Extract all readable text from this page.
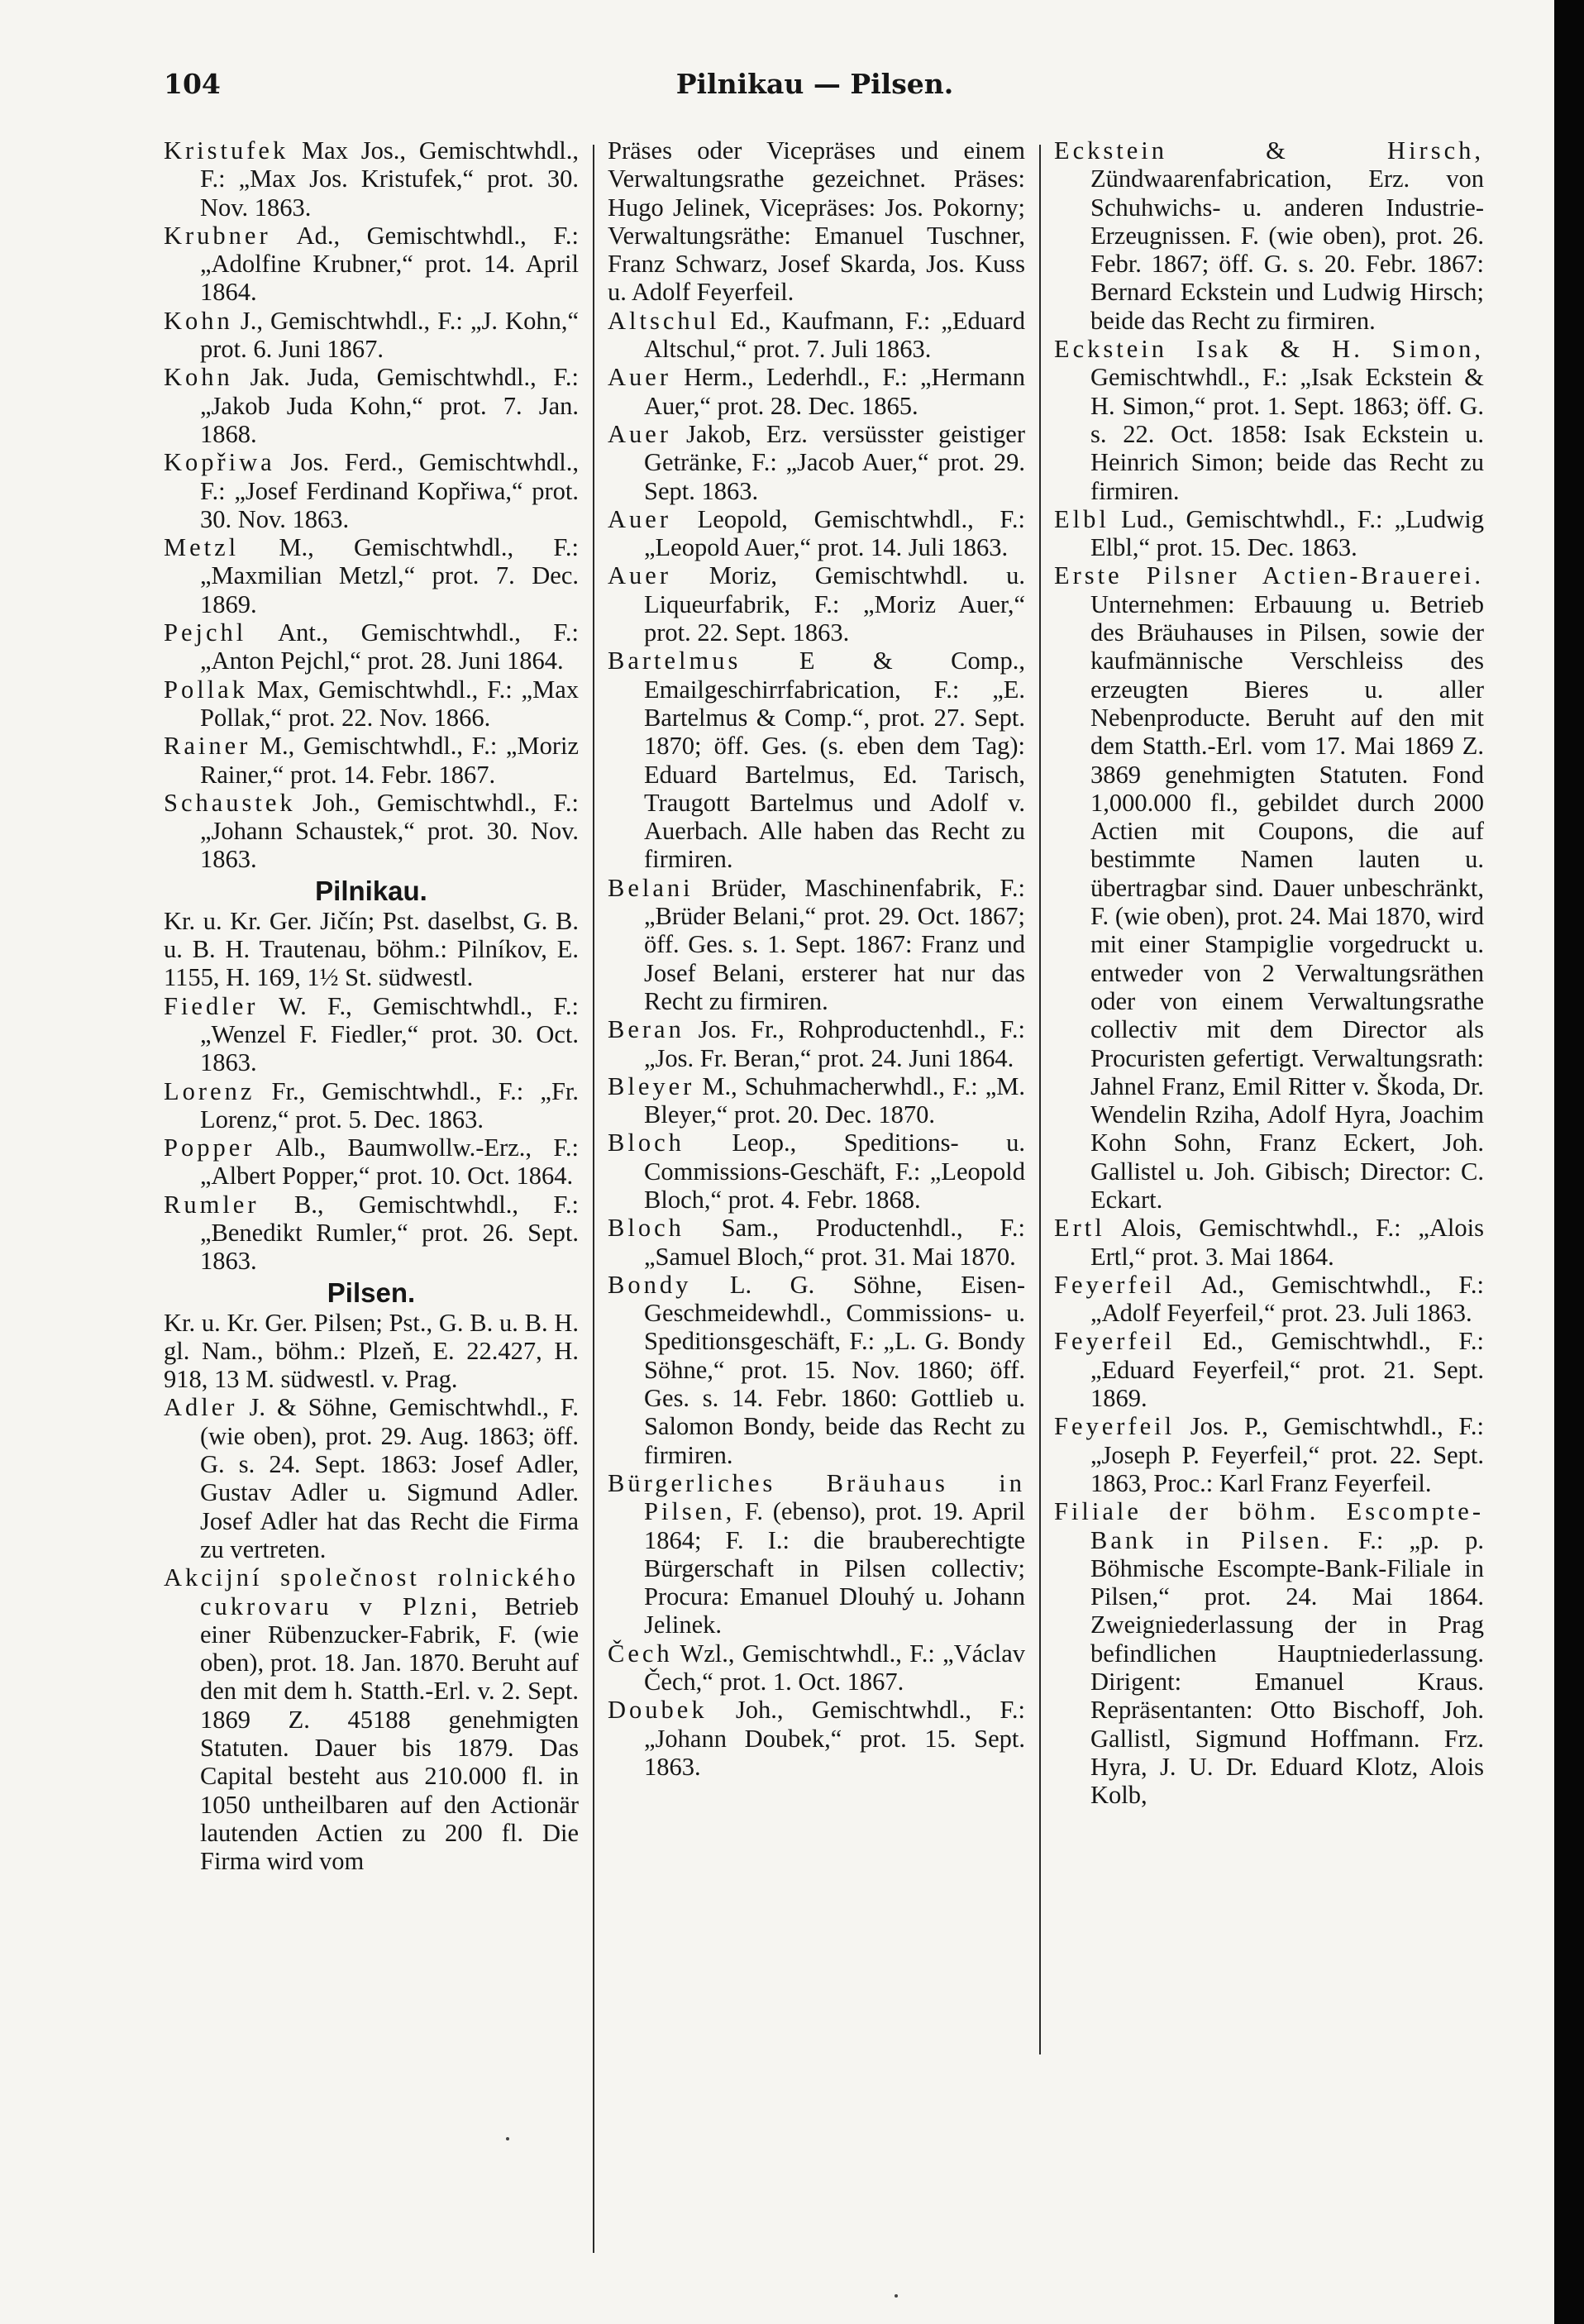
104	Pilnikau — Pilsen.

Kristufek Max Jos., Gemischtwhdl., F.: „Max Jos. Kristufek,“ prot. 30. Nov. 1863.

Krubner Ad., Gemischtwhdl., F.: „Adolfine Krubner,“ prot. 14. April 1864.

Kohn J., Gemischtwhdl., F.: „J. Kohn,“ prot. 6. Juni 1867.

Kohn Jak. Juda, Gemischtwhdl., F.: „Jakob Juda Kohn,“ prot. 7. Jan. 1868.

Kopřiwa Jos. Ferd., Gemischtwhdl., F.: „Josef Ferdinand Kopřiwa,“ prot. 30. Nov. 1863.

Metzl M., Gemischtwhdl., F.: „Maxmilian Metzl,“ prot. 7. Dec. 1869.

Pejchl Ant., Gemischtwhdl., F.: „Anton Pejchl,“ prot. 28. Juni 1864.

Pollak Max, Gemischtwhdl., F.: „Max Pollak,“ prot. 22. Nov. 1866.

Rainer M., Gemischtwhdl., F.: „Moriz Rainer,“ prot. 14. Febr. 1867.

Schaustek Joh., Gemischtwhdl., F.: „Johann Schaustek,“ prot. 30. Nov. 1863.

Pilnikau.

Kr. u. Kr. Ger. Jičín; Pst. daselbst, G. B. u. B. H. Trautenau, böhm.: Pilníkov, E. 1155, H. 169, 1½ St. südwestl.

Fiedler W. F., Gemischtwhdl., F.: „Wenzel F. Fiedler,“ prot. 30. Oct. 1863.

Lorenz Fr., Gemischtwhdl., F.: „Fr. Lorenz,“ prot. 5. Dec. 1863.

Popper Alb., Baumwollw.-Erz., F.: „Albert Popper,“ prot. 10. Oct. 1864.

Rumler B., Gemischtwhdl., F.: „Benedikt Rumler,“ prot. 26. Sept. 1863.

Pilsen.

Kr. u. Kr. Ger. Pilsen; Pst., G. B. u. B. H. gl. Nam., böhm.: Plzeň, E. 22.427, H. 918, 13 M. südwestl. v. Prag.

Adler J. & Söhne, Gemischtwhdl., F. (wie oben), prot. 29. Aug. 1863; öff. G. s. 24. Sept. 1863: Josef Adler, Gustav Adler u. Sigmund Adler. Josef Adler hat das Recht die Firma zu vertreten.

Akcijní společnost rolnického cukrovaru v Plzni, Betrieb einer Rübenzucker-Fabrik, F. (wie oben), prot. 18. Jan. 1870. Beruht auf den mit dem h. Statth.-Erl. v. 2. Sept. 1869 Z. 45188 genehmigten Statuten. Dauer bis 1879. Das Capital besteht aus 210.000 fl. in 1050 untheilbaren auf den Actionär lautenden Actien zu 200 fl. Die Firma wird vom

Präses oder Vicepräses und einem Verwaltungsrathe gezeichnet. Präses: Hugo Jelinek, Vicepräses: Jos. Pokorny; Verwaltungsräthe: Emanuel Tuschner, Franz Schwarz, Josef Skarda, Jos. Kuss u. Adolf Feyerfeil.

Altschul Ed., Kaufmann, F.: „Eduard Altschul,“ prot. 7. Juli 1863.

Auer Herm., Lederhdl., F.: „Hermann Auer,“ prot. 28. Dec. 1865.

Auer Jakob, Erz. versüsster geistiger Getränke, F.: „Jacob Auer,“ prot. 29. Sept. 1863.

Auer Leopold, Gemischtwhdl., F.: „Leopold Auer,“ prot. 14. Juli 1863.

Auer Moriz, Gemischtwhdl. u. Liqueurfabrik, F.: „Moriz Auer,“ prot. 22. Sept. 1863.

Bartelmus E & Comp., Emailgeschirrfabrication, F.: „E. Bartelmus & Comp.“, prot. 27. Sept. 1870; öff. Ges. (s. eben dem Tag): Eduard Bartelmus, Ed. Tarisch, Traugott Bartelmus und Adolf v. Auerbach. Alle haben das Recht zu firmiren.

Belani Brüder, Maschinenfabrik, F.: „Brüder Belani,“ prot. 29. Oct. 1867; öff. Ges. s. 1. Sept. 1867: Franz und Josef Belani, ersterer hat nur das Recht zu firmiren.

Beran Jos. Fr., Rohproductenhdl., F.: „Jos. Fr. Beran,“ prot. 24. Juni 1864.

Bleyer M., Schuhmacherwhdl., F.: „M. Bleyer,“ prot. 20. Dec. 1870.

Bloch Leop., Speditions- u. Commissions-Geschäft, F.: „Leopold Bloch,“ prot. 4. Febr. 1868.

Bloch Sam., Productenhdl., F.: „Samuel Bloch,“ prot. 31. Mai 1870.

Bondy L. G. Söhne, Eisen-Geschmeidewhdl., Commissions- u. Speditionsgeschäft, F.: „L. G. Bondy Söhne,“ prot. 15. Nov. 1860; öff. Ges. s. 14. Febr. 1860: Gottlieb u. Salomon Bondy, beide das Recht zu firmiren.

Bürgerliches Bräuhaus in Pilsen, F. (ebenso), prot. 19. April 1864; F. I.: die brauberechtigte Bürgerschaft in Pilsen collectiv; Procura: Emanuel Dlouhý u. Johann Jelinek.

Čech Wzl., Gemischtwhdl., F.: „Václav Čech,“ prot. 1. Oct. 1867.

Doubek Joh., Gemischtwhdl., F.: „Johann Doubek,“ prot. 15. Sept. 1863.

Eckstein & Hirsch, Zündwaarenfabrication, Erz. von Schuhwichs- u. anderen Industrie-Erzeugnissen. F. (wie oben), prot. 26. Febr. 1867; öff. G. s. 20. Febr. 1867: Bernard Eckstein und Ludwig Hirsch; beide das Recht zu firmiren.

Eckstein Isak & H. Simon, Gemischtwhdl., F.: „Isak Eckstein & H. Simon,“ prot. 1. Sept. 1863; öff. G. s. 22. Oct. 1858: Isak Eckstein u. Heinrich Simon; beide das Recht zu firmiren.

Elbl Lud., Gemischtwhdl., F.: „Ludwig Elbl,“ prot. 15. Dec. 1863.

Erste Pilsner Actien-Brauerei. Unternehmen: Erbauung u. Betrieb des Bräuhauses in Pilsen, sowie der kaufmännische Verschleiss des erzeugten Bieres u. aller Nebenproducte. Beruht auf den mit dem Statth.-Erl. vom 17. Mai 1869 Z. 3869 genehmigten Statuten. Fond 1,000.000 fl., gebildet durch 2000 Actien mit Coupons, die auf bestimmte Namen lauten u. übertragbar sind. Dauer unbeschränkt, F. (wie oben), prot. 24. Mai 1870, wird mit einer Stampiglie vorgedruckt u. entweder von 2 Verwaltungsräthen oder von einem Verwaltungsrathe collectiv mit dem Director als Procuristen gefertigt. Verwaltungsrath: Jahnel Franz, Emil Ritter v. Škoda, Dr. Wendelin Rziha, Adolf Hyra, Joachim Kohn Sohn, Franz Eckert, Joh. Gallistel u. Joh. Gibisch; Director: C. Eckart.

Ertl Alois, Gemischtwhdl., F.: „Alois Ertl,“ prot. 3. Mai 1864.

Feyerfeil Ad., Gemischtwhdl., F.: „Adolf Feyerfeil,“ prot. 23. Juli 1863.

Feyerfeil Ed., Gemischtwhdl., F.: „Eduard Feyerfeil,“ prot. 21. Sept. 1869.

Feyerfeil Jos. P., Gemischtwhdl., F.: „Joseph P. Feyerfeil,“ prot. 22. Sept. 1863, Proc.: Karl Franz Feyerfeil.

Filiale der böhm. Escompte-Bank in Pilsen. F.: „p. p. Böhmische Escompte-Bank-Filiale in Pilsen,“ prot. 24. Mai 1864. Zweigniederlassung der in Prag befindlichen Hauptniederlassung. Dirigent: Emanuel Kraus. Repräsentanten: Otto Bischoff, Joh. Gallistl, Sigmund Hoffmann. Frz. Hyra, J. U. Dr. Eduard Klotz, Alois Kolb,
